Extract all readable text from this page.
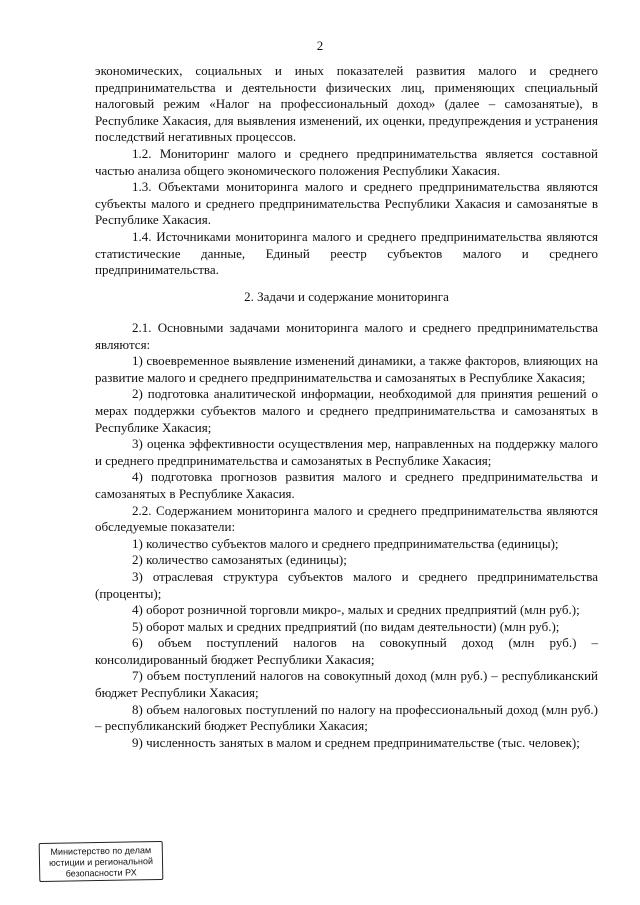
2

экономических, социальных и иных показателей развития малого и среднего предпринимательства и деятельности физических лиц, применяющих специальный налоговый режим «Налог на профессиональный доход» (далее – самозанятые), в Республике Хакасия, для выявления изменений, их оценки, предупреждения и устранения последствий негативных процессов.

1.2. Мониторинг малого и среднего предпринимательства является составной частью анализа общего экономического положения Республики Хакасия.

1.3. Объектами мониторинга малого и среднего предпринимательства являются субъекты малого и среднего предпринимательства Республики Хакасия и самозанятые в Республике Хакасия.

1.4. Источниками мониторинга малого и среднего предпринимательства являются статистические данные, Единый реестр субъектов малого и среднего предпринимательства.

2. Задачи и содержание мониторинга

2.1. Основными задачами мониторинга малого и среднего предпринимательства являются:

1) своевременное выявление изменений динамики, а также факторов, влияющих на развитие малого и среднего предпринимательства и самозанятых в Республике Хакасия;

2) подготовка аналитической информации, необходимой для принятия решений о мерах поддержки субъектов малого и среднего предпринимательства и самозанятых в Республике Хакасия;

3) оценка эффективности осуществления мер, направленных на поддержку малого и среднего предпринимательства и самозанятых в Республике Хакасия;

4) подготовка прогнозов развития малого и среднего предпринимательства и самозанятых в Республике Хакасия.

2.2. Содержанием мониторинга малого и среднего предпринимательства являются обследуемые показатели:

1) количество субъектов малого и среднего предпринимательства (единицы);

2) количество самозанятых (единицы);

3) отраслевая структура субъектов малого и среднего предпринимательства (проценты);

4) оборот розничной торговли микро-, малых и средних предприятий (млн руб.);

5) оборот малых и средних предприятий (по видам деятельности) (млн руб.);

6) объем поступлений налогов на совокупный доход (млн руб.) – консолидированный бюджет Республики Хакасия;

7) объем поступлений налогов на совокупный доход (млн руб.) – республиканский бюджет Республики Хакасия;

8) объем налоговых поступлений по налогу на профессиональный доход (млн руб.) – республиканский бюджет Республики Хакасия;

9) численность занятых в малом и среднем предпринимательстве (тыс. человек);

Министерство по делам
юстиции и региональной
безопасности РХ
